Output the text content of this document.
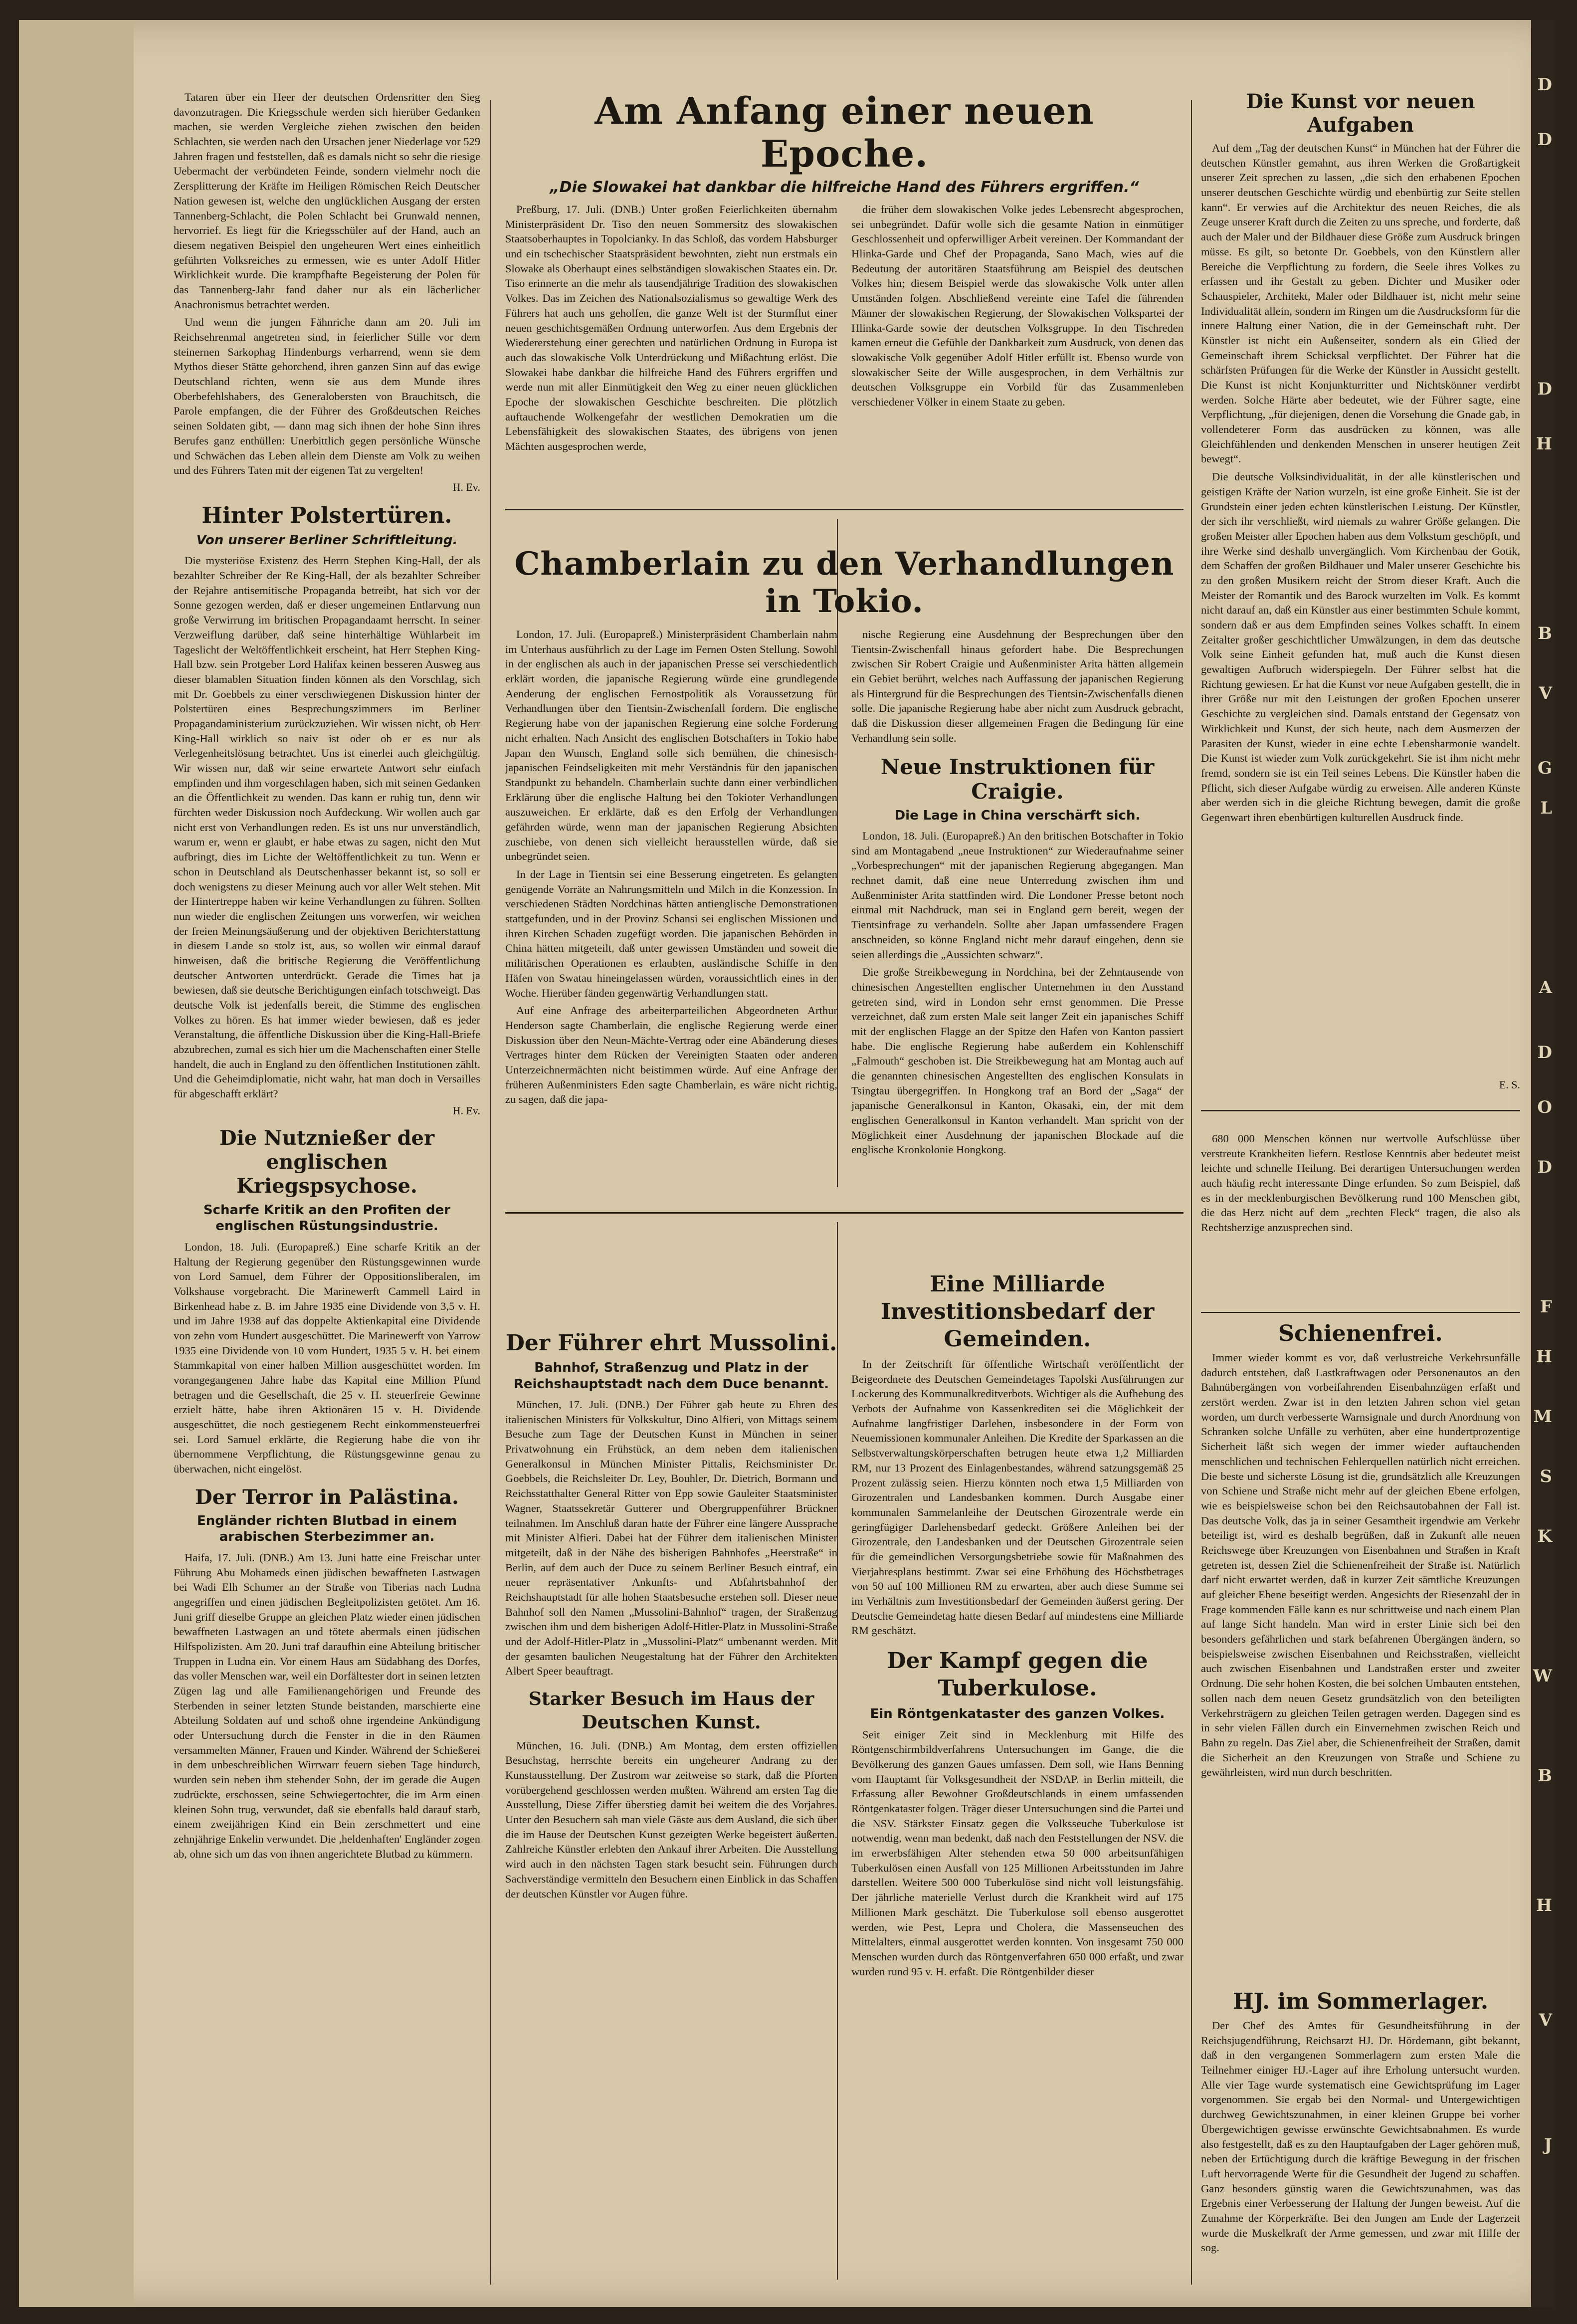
Tataren über ein Heer der deutschen Ordensritter den Sieg davonzutragen. Die Kriegsschule werden sich hierüber Gedanken machen, sie werden Vergleiche ziehen zwischen den beiden Schlachten, sie werden nach den Ursachen jener Niederlage vor 529 Jahren fragen und feststellen, daß es damals nicht so sehr die riesige Uebermacht der verbündeten Feinde, sondern vielmehr noch die Zersplitterung der Kräfte im Heiligen Römischen Reich Deutscher Nation gewesen ist, welche den unglücklichen Ausgang der ersten Tannenberg-Schlacht, die Polen Schlacht bei Grunwald nennen, hervorrief. Es liegt für die Kriegsschüler auf der Hand, auch an diesem negativen Beispiel den ungeheuren Wert eines einheitlich geführten Volksreiches zu ermessen, wie es unter Adolf Hitler Wirklichkeit wurde. Die krampfhafte Begeisterung der Polen für das Tannenberg-Jahr fand daher nur als ein lächerlicher Anachronismus betrachtet werden.

Und wenn die jungen Fähnriche dann am 20. Juli im Reichsehrenmal angetreten sind, in feierlicher Stille vor dem steinernen Sarkophag Hindenburgs verharrend, wenn sie dem Mythos dieser Stätte gehorchend, ihren ganzen Sinn auf das ewige Deutschland richten, wenn sie aus dem Munde ihres Oberbefehlshabers, des Generalobersten von Brauchitsch, die Parole empfangen, die der Führer des Großdeutschen Reiches seinen Soldaten gibt, — dann mag sich ihnen der hohe Sinn ihres Berufes ganz enthüllen: Unerbittlich gegen persönliche Wünsche und Schwächen das Leben allein dem Dienste am Volk zu weihen und des Führers Taten mit der eigenen Tat zu vergelten!

H. Ev.
Hinter Polstertüren.
Von unserer Berliner Schriftleitung.

Die mysteriöse Existenz des Herrn Stephen King-Hall, der als bezahlter Schreiber der Re King-Hall, der als bezahlter Schreiber der Rejahre antisemitische Propaganda betreibt, hat sich vor der Sonne gezogen werden, daß er dieser ungemeinen Entlarvung nun große Verwirrung im britischen Propagandaamt herrscht. In seiner Verzweiflung darüber, daß seine hinterhältige Wühlarbeit im Tageslicht der Weltöffentlichkeit erscheint, hat Herr Stephen King-Hall bzw. sein Protgeber Lord Halifax keinen besseren Ausweg aus dieser blamablen Situation finden können als den Vorschlag, sich mit Dr. Goebbels zu einer verschwiegenen Diskussion hinter der Polstertüren eines Besprechungszimmers im Berliner Propagandaministerium zurückzuziehen. Wir wissen nicht, ob Herr King-Hall wirklich so naiv ist oder ob er es nur als Verlegenheitslösung betrachtet. Uns ist einerlei auch gleichgültig. Wir wissen nur, daß wir seine erwartete Antwort sehr einfach empfinden und ihm vorgeschlagen haben, sich mit seinen Gedanken an die Öffentlichkeit zu wenden. Das kann er ruhig tun, denn wir fürchten weder Diskussion noch Aufdeckung. Wir wollen auch gar nicht erst von Verhandlungen reden. Es ist uns nur unverständlich, warum er, wenn er glaubt, er habe etwas zu sagen, nicht den Mut aufbringt, dies im Lichte der Weltöffentlichkeit zu tun. Wenn er schon in Deutschland als Deutschenhasser bekannt ist, so soll er doch wenigstens zu dieser Meinung auch vor aller Welt stehen. Mit der Hintertreppe haben wir keine Verhandlungen zu führen. Sollten nun wieder die englischen Zeitungen uns vorwerfen, wir weichen der freien Meinungsäußerung und der objektiven Berichterstattung in diesem Lande so stolz ist, aus, so wollen wir einmal darauf hinweisen, daß die britische Regierung die Veröffentlichung deutscher Antworten unterdrückt. Gerade die Times hat ja bewiesen, daß sie deutsche Berichtigungen einfach totschweigt. Das deutsche Volk ist jedenfalls bereit, die Stimme des englischen Volkes zu hören. Es hat immer wieder bewiesen, daß es jeder Veranstaltung, die öffentliche Diskussion über die King-Hall-Briefe abzubrechen, zumal es sich hier um die Machenschaften einer Stelle handelt, die auch in England zu den öffentlichen Institutionen zählt. Und die Geheimdiplomatie, nicht wahr, hat man doch in Versailles für abgeschafft erklärt?

H. Ev.
Die Nutznießer der englischen Kriegspsychose.
Scharfe Kritik an den Profiten der englischen Rüstungsindustrie.

London, 18. Juli. (Europapreß.) Eine scharfe Kritik an der Haltung der Regierung gegenüber den Rüstungsgewinnen wurde von Lord Samuel, dem Führer der Oppositionsliberalen, im Volkshause vorgebracht. Die Marinewerft Cammell Laird in Birkenhead habe z. B. im Jahre 1935 eine Dividende von 3,5 v. H. und im Jahre 1938 auf das doppelte Aktienkapital eine Dividende von zehn vom Hundert ausgeschüttet. Die Marinewerft von Yarrow 1935 eine Dividende von 10 vom Hundert, 1935 5 v. H. bei einem Stammkapital von einer halben Million ausgeschüttet worden. Im vorangegangenen Jahre habe das Kapital eine Million Pfund betragen und die Gesellschaft, die 25 v. H. steuerfreie Gewinne erzielt hätte, habe ihren Aktionären 15 v. H. Dividende ausgeschüttet, die noch gestiegenem Recht einkommensteuerfrei sei. Lord Samuel erklärte, die Regierung habe die von ihr übernommene Verpflichtung, die Rüstungsgewinne genau zu überwachen, nicht eingelöst.

Der Terror in Palästina.
Engländer richten Blutbad in einem arabischen Sterbezimmer an.

Haifa, 17. Juli. (DNB.) Am 13. Juni hatte eine Freischar unter Führung Abu Mohameds einen jüdischen bewaffneten Lastwagen bei Wadi Elh Schumer an der Straße von Tiberias nach Ludna angegriffen und einen jüdischen Begleitpolizisten getötet. Am 16. Juni griff dieselbe Gruppe an gleichen Platz wieder einen jüdischen bewaffneten Lastwagen an und tötete abermals einen jüdischen Hilfspolizisten. Am 20. Juni traf daraufhin eine Abteilung britischer Truppen in Ludna ein. Vor einem Haus am Südabhang des Dorfes, das voller Menschen war, weil ein Dorfältester dort in seinen letzten Zügen lag und alle Familienangehörigen und Freunde des Sterbenden in seiner letzten Stunde beistanden, marschierte eine Abteilung Soldaten auf und schoß ohne irgendeine Ankündigung oder Untersuchung durch die Fenster in die in den Räumen versammelten Männer, Frauen und Kinder. Während der Schießerei in dem unbeschreiblichen Wirrwarr feuern sieben Tage hindurch, wurden sein neben ihm stehender Sohn, der im gerade die Augen zudrückte, erschossen, seine Schwiegertochter, die im Arm einen kleinen Sohn trug, verwundet, daß sie ebenfalls bald darauf starb, einem zweijährigen Kind ein Bein zerschmettert und eine zehnjährige Enkelin verwundet. Die ,heldenhaften' Engländer zogen ab, ohne sich um das von ihnen angerichtete Blutbad zu kümmern.

Am Anfang einer neuen Epoche.
„Die Slowakei hat dankbar die hilfreiche Hand des Führers ergriffen.“

Preßburg, 17. Juli. (DNB.) Unter großen Feierlichkeiten übernahm Ministerpräsident Dr. Tiso den neuen Sommersitz des slowakischen Staatsoberhauptes in Topolcianky. In das Schloß, das vordem Habsburger und ein tschechischer Staatspräsident bewohnten, zieht nun erstmals ein Slowake als Oberhaupt eines selbständigen slowakischen Staates ein. Dr. Tiso erinnerte an die mehr als tausendjährige Tradition des slowakischen Volkes. Das im Zeichen des Nationalsozialismus so gewaltige Werk des Führers hat auch uns geholfen, die ganze Welt ist der Sturmflut einer neuen geschichtsgemäßen Ordnung unterworfen. Aus dem Ergebnis der Wiedererstehung einer gerechten und natürlichen Ordnung in Europa ist auch das slowakische Volk Unterdrückung und Mißachtung erlöst. Die Slowakei habe dankbar die hilfreiche Hand des Führers ergriffen und werde nun mit aller Einmütigkeit den Weg zu einer neuen glücklichen Epoche der slowakischen Geschichte beschreiten. Die plötzlich auftauchende Wolkengefahr der westlichen Demokratien um die Lebensfähigkeit des slowakischen Staates, des übrigens von jenen Mächten ausgesprochen werde,

die früher dem slowakischen Volke jedes Lebensrecht abgesprochen, sei unbegründet. Dafür wolle sich die gesamte Nation in einmütiger Geschlossenheit und opferwilliger Arbeit vereinen. Der Kommandant der Hlinka-Garde und Chef der Propaganda, Sano Mach, wies auf die Bedeutung der autoritären Staatsführung am Beispiel des deutschen Volkes hin; diesem Beispiel werde das slowakische Volk unter allen Umständen folgen. Abschließend vereinte eine Tafel die führenden Männer der slowakischen Regierung, der Slowakischen Volkspartei der Hlinka-Garde sowie der deutschen Volksgruppe. In den Tischreden kamen erneut die Gefühle der Dankbarkeit zum Ausdruck, von denen das slowakische Volk gegenüber Adolf Hitler erfüllt ist. Ebenso wurde von slowakischer Seite der Wille ausgesprochen, in dem Verhältnis zur deutschen Volksgruppe ein Vorbild für das Zusammenleben verschiedener Völker in einem Staate zu geben.

Chamberlain zu den Verhandlungen in Tokio.

London, 17. Juli. (Europapreß.) Ministerpräsident Chamberlain nahm im Unterhaus ausführlich zu der Lage im Fernen Osten Stellung. Sowohl in der englischen als auch in der japanischen Presse sei verschiedentlich erklärt worden, die japanische Regierung würde eine grundlegende Aenderung der englischen Fernostpolitik als Voraussetzung für Verhandlungen über den Tientsin-Zwischenfall fordern. Die englische Regierung habe von der japanischen Regierung eine solche Forderung nicht erhalten. Nach Ansicht des englischen Botschafters in Tokio habe Japan den Wunsch, England solle sich bemühen, die chinesisch-japanischen Feindseligkeiten mit mehr Verständnis für den japanischen Standpunkt zu behandeln. Chamberlain suchte dann einer verbindlichen Erklärung über die englische Haltung bei den Tokioter Verhandlungen auszuweichen. Er erklärte, daß es den Erfolg der Verhandlungen gefährden würde, wenn man der japanischen Regierung Absichten zuschiebe, von denen sich vielleicht herausstellen würde, daß sie unbegründet seien.

In der Lage in Tientsin sei eine Besserung eingetreten. Es gelangten genügende Vorräte an Nahrungsmitteln und Milch in die Konzession. In verschiedenen Städten Nordchinas hätten antienglische Demonstrationen stattgefunden, und in der Provinz Schansi sei englischen Missionen und ihren Kirchen Schaden zugefügt worden. Die japanischen Behörden in China hätten mitgeteilt, daß unter gewissen Umständen und soweit die militärischen Operationen es erlaubten, ausländische Schiffe in den Häfen von Swatau hineingelassen würden, voraussichtlich eines in der Woche. Hierüber fänden gegenwärtig Verhandlungen statt.

Auf eine Anfrage des arbeiterparteilichen Abgeordneten Arthur Henderson sagte Chamberlain, die englische Regierung werde einer Diskussion über den Neun-Mächte-Vertrag oder eine Abänderung dieses Vertrages hinter dem Rücken der Vereinigten Staaten oder anderen Unterzeichnermächten nicht beistimmen würde. Auf eine Anfrage der früheren Außenministers Eden sagte Chamberlain, es wäre nicht richtig, zu sagen, daß die japa-

nische Regierung eine Ausdehnung der Besprechungen über den Tientsin-Zwischenfall hinaus gefordert habe. Die Besprechungen zwischen Sir Robert Craigie und Außenminister Arita hätten allgemein ein Gebiet berührt, welches nach Auffassung der japanischen Regierung als Hintergrund für die Besprechungen des Tientsin-Zwischenfalls dienen solle. Die japanische Regierung habe aber nicht zum Ausdruck gebracht, daß die Diskussion dieser allgemeinen Fragen die Bedingung für eine Verhandlung sein solle.

Neue Instruktionen für Craigie.
Die Lage in China verschärft sich.

London, 18. Juli. (Europapreß.) An den britischen Botschafter in Tokio sind am Montagabend „neue Instruktionen“ zur Wiederaufnahme seiner „Vorbesprechungen“ mit der japanischen Regierung abgegangen. Man rechnet damit, daß eine neue Unterredung zwischen ihm und Außenminister Arita stattfinden wird. Die Londoner Presse betont noch einmal mit Nachdruck, man sei in England gern bereit, wegen der Tientsinfrage zu verhandeln. Sollte aber Japan umfassendere Fragen anschneiden, so könne England nicht mehr darauf eingehen, denn sie seien allerdings die „Aussichten schwarz“.

Die große Streikbewegung in Nordchina, bei der Zehntausende von chinesischen Angestellten englischer Unternehmen in den Ausstand getreten sind, wird in London sehr ernst genommen. Die Presse verzeichnet, daß zum ersten Male seit langer Zeit ein japanisches Schiff mit der englischen Flagge an der Spitze den Hafen von Kanton passiert habe. Die englische Regierung habe außerdem ein Kohlenschiff „Falmouth“ geschoben ist. Die Streikbewegung hat am Montag auch auf die genannten chinesischen Angestellten des englischen Konsulats in Tsingtau übergegriffen. In Hongkong traf an Bord der „Saga“ der japanische Generalkonsul in Kanton, Okasaki, ein, der mit dem englischen Generalkonsul in Kanton verhandelt. Man spricht von der Möglichkeit einer Ausdehnung der japanischen Blockade auf die englische Kronkolonie Hongkong.

Der Führer ehrt Mussolini.
Bahnhof, Straßenzug und Platz in der Reichshauptstadt nach dem Duce benannt.

München, 17. Juli. (DNB.) Der Führer gab heute zu Ehren des italienischen Ministers für Volkskultur, Dino Alfieri, von Mittags seinem Besuche zum Tage der Deutschen Kunst in München in seiner Privatwohnung ein Frühstück, an dem neben dem italienischen Generalkonsul in München Minister Pittalis, Reichsminister Dr. Goebbels, die Reichsleiter Dr. Ley, Bouhler, Dr. Dietrich, Bormann und Reichsstatthalter General Ritter von Epp sowie Gauleiter Staatsminister Wagner, Staatssekretär Gutterer und Obergruppenführer Brückner teilnahmen. Im Anschluß daran hatte der Führer eine längere Aussprache mit Minister Alfieri. Dabei hat der Führer dem italienischen Minister mitgeteilt, daß in der Nähe des bisherigen Bahnhofes „Heerstraße“ in Berlin, auf dem auch der Duce zu seinem Berliner Besuch eintraf, ein neuer repräsentativer Ankunfts- und Abfahrtsbahnhof der Reichshauptstadt für alle hohen Staatsbesuche erstehen soll. Dieser neue Bahnhof soll den Namen „Mussolini-Bahnhof“ tragen, der Straßenzug zwischen ihm und dem bisherigen Adolf-Hitler-Platz in Mussolini-Straße und der Adolf-Hitler-Platz in „Mussolini-Platz“ umbenannt werden. Mit der gesamten baulichen Neugestaltung hat der Führer den Architekten Albert Speer beauftragt.

Starker Besuch im Haus der Deutschen Kunst.

München, 16. Juli. (DNB.) Am Montag, dem ersten offiziellen Besuchstag, herrschte bereits ein ungeheurer Andrang zu der Kunstausstellung. Der Zustrom war zeitweise so stark, daß die Pforten vorübergehend geschlossen werden mußten. Während am ersten Tag die Ausstellung, Diese Ziffer überstieg damit bei weitem die des Vorjahres. Unter den Besuchern sah man viele Gäste aus dem Ausland, die sich über die im Hause der Deutschen Kunst gezeigten Werke begeistert äußerten. Zahlreiche Künstler erlebten den Ankauf ihrer Arbeiten. Die Ausstellung wird auch in den nächsten Tagen stark besucht sein. Führungen durch Sachverständige vermitteln den Besuchern einen Einblick in das Schaffen der deutschen Künstler vor Augen führe.

Eine Milliarde Investitionsbedarf der Gemeinden.

In der Zeitschrift für öffentliche Wirtschaft veröffentlicht der Beigeordnete des Deutschen Gemeindetages Tapolski Ausführungen zur Lockerung des Kommunalkreditverbots. Wichtiger als die Aufhebung des Verbots der Aufnahme von Kassenkrediten sei die Möglichkeit der Aufnahme langfristiger Darlehen, insbesondere in der Form von Neuemissionen kommunaler Anleihen. Die Kredite der Sparkassen an die Selbstverwaltungskörperschaften betrugen heute etwa 1,2 Milliarden RM, nur 13 Prozent des Einlagenbestandes, während satzungsgemäß 25 Prozent zulässig seien. Hierzu könnten noch etwa 1,5 Milliarden von Girozentralen und Landesbanken kommen. Durch Ausgabe einer kommunalen Sammelanleihe der Deutschen Girozentrale werde ein geringfügiger Darlehensbedarf gedeckt. Größere Anleihen bei der Girozentrale, den Landesbanken und der Deutschen Girozentrale seien für die gemeindlichen Versorgungsbetriebe sowie für Maßnahmen des Vierjahresplans bestimmt. Zwar sei eine Erhöhung des Höchstbetrages von 50 auf 100 Millionen RM zu erwarten, aber auch diese Summe sei im Verhältnis zum Investitionsbedarf der Gemeinden äußerst gering. Der Deutsche Gemeindetag hatte diesen Bedarf auf mindestens eine Milliarde RM geschätzt.

Der Kampf gegen die Tuberkulose.
Ein Röntgenkataster des ganzen Volkes.

Seit einiger Zeit sind in Mecklenburg mit Hilfe des Röntgenschirmbildverfahrens Untersuchungen im Gange, die die Bevölkerung des ganzen Gaues umfassen. Dem soll, wie Hans Benning vom Hauptamt für Volksgesundheit der NSDAP. in Berlin mitteilt, die Erfassung aller Bewohner Großdeutschlands in einem umfassenden Röntgenkataster folgen. Träger dieser Untersuchungen sind die Partei und die NSV. Stärkster Einsatz gegen die Volksseuche Tuberkulose ist notwendig, wenn man bedenkt, daß nach den Feststellungen der NSV. die im erwerbsfähigen Alter stehenden etwa 50 000 arbeitsunfähigen Tuberkulösen einen Ausfall von 125 Millionen Arbeitsstunden im Jahre darstellen. Weitere 500 000 Tuberkulöse sind nicht voll leistungsfähig. Der jährliche materielle Verlust durch die Krankheit wird auf 175 Millionen Mark geschätzt. Die Tuberkulose soll ebenso ausgerottet werden, wie Pest, Lepra und Cholera, die Massenseuchen des Mittelalters, einmal ausgerottet werden konnten. Von insgesamt 750 000 Menschen wurden durch das Röntgenverfahren 650 000 erfaßt, und zwar wurden rund 95 v. H. erfaßt. Die Röntgenbilder dieser

Die Kunst vor neuen Aufgaben

Auf dem „Tag der deutschen Kunst“ in München hat der Führer die deutschen Künstler gemahnt, aus ihren Werken die Großartigkeit unserer Zeit sprechen zu lassen, „die sich den erhabenen Epochen unserer deutschen Geschichte würdig und ebenbürtig zur Seite stellen kann“. Er verwies auf die Architektur des neuen Reiches, die als Zeuge unserer Kraft durch die Zeiten zu uns spreche, und forderte, daß auch der Maler und der Bildhauer diese Größe zum Ausdruck bringen müsse. Es gilt, so betonte Dr. Goebbels, von den Künstlern aller Bereiche die Verpflichtung zu fordern, die Seele ihres Volkes zu erfassen und ihr Gestalt zu geben. Dichter und Musiker oder Schauspieler, Architekt, Maler oder Bildhauer ist, nicht mehr seine Individualität allein, sondern im Ringen um die Ausdrucksform für die innere Haltung einer Nation, die in der Gemeinschaft ruht. Der Künstler ist nicht ein Außenseiter, sondern als ein Glied der Gemeinschaft ihrem Schicksal verpflichtet. Der Führer hat die schärfsten Prüfungen für die Werke der Künstler in Aussicht gestellt. Die Kunst ist nicht Konjunkturritter und Nichtskönner verdirbt werden. Solche Härte aber bedeutet, wie der Führer sagte, eine Verpflichtung, „für diejenigen, denen die Vorsehung die Gnade gab, in vollendeterer Form das ausdrücken zu können, was alle Gleichfühlenden und denkenden Menschen in unserer heutigen Zeit bewegt“.

Die deutsche Volksindividualität, in der alle künstlerischen und geistigen Kräfte der Nation wurzeln, ist eine große Einheit. Sie ist der Grundstein einer jeden echten künstlerischen Leistung. Der Künstler, der sich ihr verschließt, wird niemals zu wahrer Größe gelangen. Die großen Meister aller Epochen haben aus dem Volkstum geschöpft, und ihre Werke sind deshalb unvergänglich. Vom Kirchenbau der Gotik, dem Schaffen der großen Bildhauer und Maler unserer Geschichte bis zu den großen Musikern reicht der Strom dieser Kraft. Auch die Meister der Romantik und des Barock wurzelten im Volk. Es kommt nicht darauf an, daß ein Künstler aus einer bestimmten Schule kommt, sondern daß er aus dem Empfinden seines Volkes schafft. In einem Zeitalter großer geschichtlicher Umwälzungen, in dem das deutsche Volk seine Einheit gefunden hat, muß auch die Kunst diesen gewaltigen Aufbruch widerspiegeln. Der Führer selbst hat die Richtung gewiesen. Er hat die Kunst vor neue Aufgaben gestellt, die in ihrer Größe nur mit den Leistungen der großen Epochen unserer Geschichte zu vergleichen sind. Damals entstand der Gegensatz von Wirklichkeit und Kunst, der sich heute, nach dem Ausmerzen der Parasiten der Kunst, wieder in eine echte Lebensharmonie wandelt. Die Kunst ist wieder zum Volk zurückgekehrt. Sie ist ihm nicht mehr fremd, sondern sie ist ein Teil seines Lebens. Die Künstler haben die Pflicht, sich dieser Aufgabe würdig zu erweisen. Alle anderen Künste aber werden sich in die gleiche Richtung bewegen, damit die große Gegenwart ihren ebenbürtigen kulturellen Ausdruck finde.

E. S.

680 000 Menschen können nur wertvolle Aufschlüsse über verstreute Krankheiten liefern. Restlose Kenntnis aber bedeutet meist leichte und schnelle Heilung. Bei derartigen Untersuchungen werden auch häufig recht interessante Dinge erfunden. So zum Beispiel, daß es in der mecklenburgischen Bevölkerung rund 100 Menschen gibt, die das Herz nicht auf dem „rechten Fleck“ tragen, die also als Rechtsherzige anzusprechen sind.

Schienenfrei.

Immer wieder kommt es vor, daß verlustreiche Verkehrsunfälle dadurch entstehen, daß Lastkraftwagen oder Personenautos an den Bahnübergängen von vorbeifahrenden Eisenbahnzügen erfaßt und zerstört werden. Zwar ist in den letzten Jahren schon viel getan worden, um durch verbesserte Warnsignale und durch Anordnung von Schranken solche Unfälle zu verhüten, aber eine hundertprozentige Sicherheit läßt sich wegen der immer wieder auftauchenden menschlichen und technischen Fehlerquellen natürlich nicht erreichen. Die beste und sicherste Lösung ist die, grundsätzlich alle Kreuzungen von Schiene und Straße nicht mehr auf der gleichen Ebene erfolgen, wie es beispielsweise schon bei den Reichsautobahnen der Fall ist. Das deutsche Volk, das ja in seiner Gesamtheit irgendwie am Verkehr beteiligt ist, wird es deshalb begrüßen, daß in Zukunft alle neuen Reichswege über Kreuzungen von Eisenbahnen und Straßen in Kraft getreten ist, dessen Ziel die Schienenfreiheit der Straße ist. Natürlich darf nicht erwartet werden, daß in kurzer Zeit sämtliche Kreuzungen auf gleicher Ebene beseitigt werden. Angesichts der Riesenzahl der in Frage kommenden Fälle kann es nur schrittweise und nach einem Plan auf lange Sicht handeln. Man wird in erster Linie sich bei den besonders gefährlichen und stark befahrenen Übergängen ändern, so beispielsweise zwischen Eisenbahnen und Reichsstraßen, vielleicht auch zwischen Eisenbahnen und Landstraßen erster und zweiter Ordnung. Die sehr hohen Kosten, die bei solchen Umbauten entstehen, sollen nach dem neuen Gesetz grundsätzlich von den beteiligten Verkehrsträgern zu gleichen Teilen getragen werden. Dagegen sind es in sehr vielen Fällen durch ein Einvernehmen zwischen Reich und Bahn zu regeln. Das Ziel aber, die Schienenfreiheit der Straßen, damit die Sicherheit an den Kreuzungen von Straße und Schiene zu gewährleisten, wird nun durch beschritten.

HJ. im Sommerlager.

Der Chef des Amtes für Gesundheitsführung in der Reichsjugendführung, Reichsarzt HJ. Dr. Hördemann, gibt bekannt, daß in den vergangenen Sommerlagern zum ersten Male die Teilnehmer einiger HJ.-Lager auf ihre Erholung untersucht wurden. Alle vier Tage wurde systematisch eine Gewichtsprüfung im Lager vorgenommen. Sie ergab bei den Normal- und Untergewichtigen durchweg Gewichtszunahmen, in einer kleinen Gruppe bei vorher Übergewichtigen gewisse erwünschte Gewichtsabnahmen. Es wurde also festgestellt, daß es zu den Hauptaufgaben der Lager gehören muß, neben der Ertüchtigung durch die kräftige Bewegung in der frischen Luft hervorragende Werte für die Gesundheit der Jugend zu schaffen. Ganz besonders günstig waren die Gewichtszunahmen, was das Ergebnis einer Verbesserung der Haltung der Jungen beweist. Auf die Zunahme der Körperkräfte. Bei den Jungen am Ende der Lagerzeit wurde die Muskelkraft der Arme gemessen, und zwar mit Hilfe der sog.

D
D
D
H
B
V
G
L
A
D
O
D
F
H
M
S
K
W
B
H
V
J
